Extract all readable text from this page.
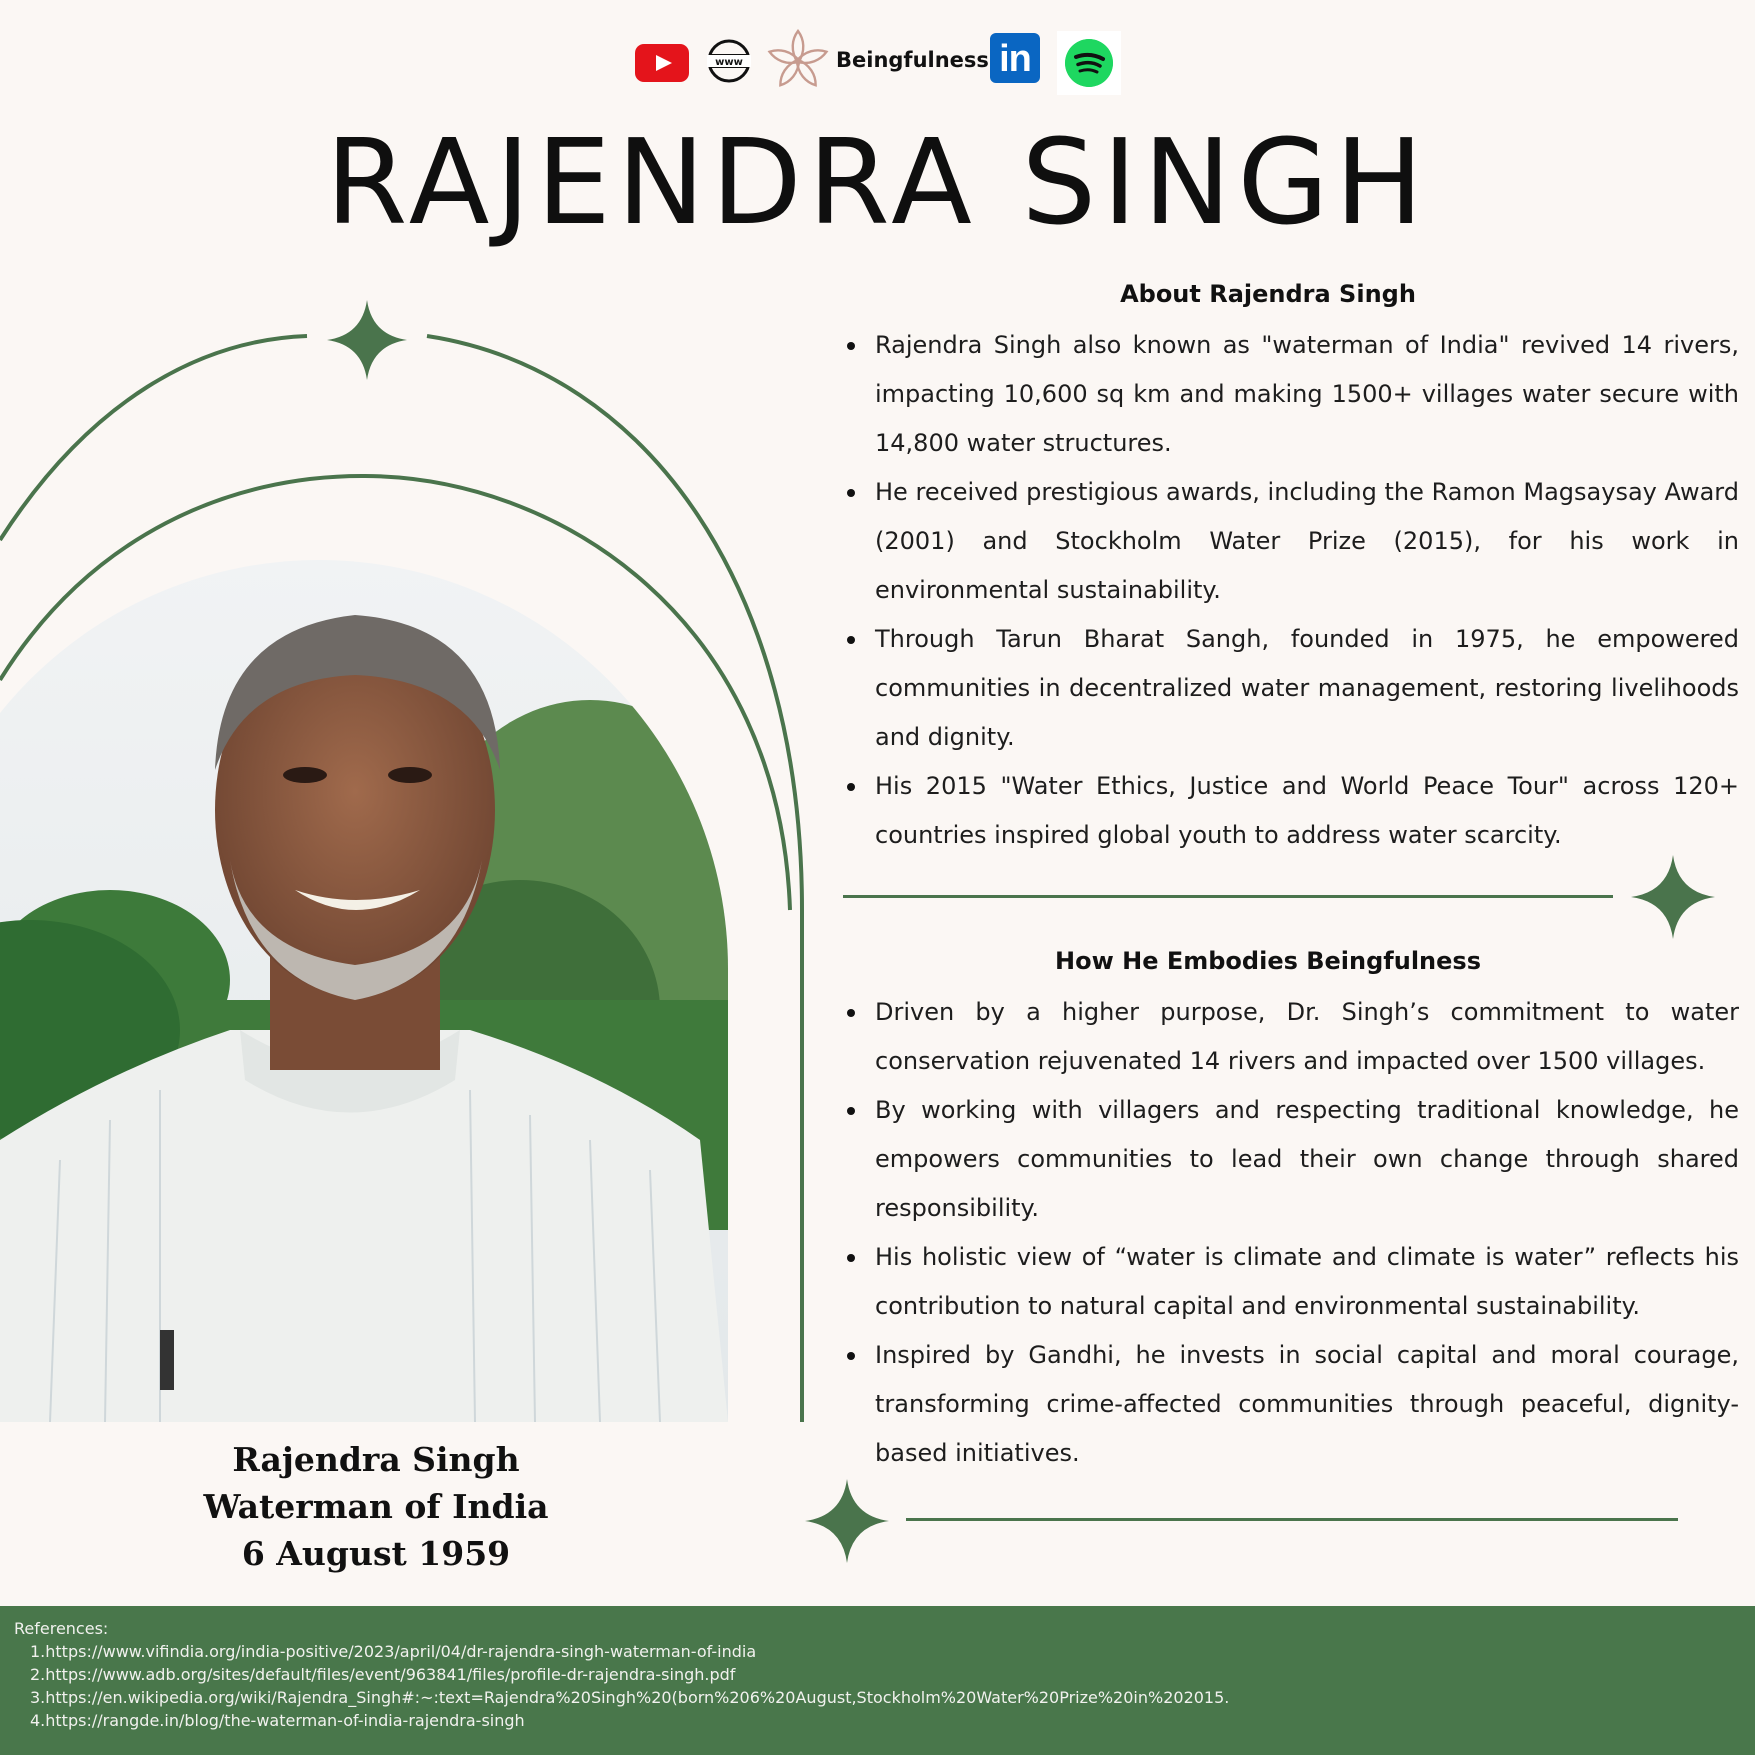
www	Beingfulness in
RAJENDRA SINGH
Rajendra Singh
Waterman of India
6 August 1959
About Rajendra Singh
Rajendra Singh also known as "waterman of India" revived 14 rivers, impacting 10,600 sq km and making 1500+ villages water secure with 14,800 water structures.
He received prestigious awards, including the Ramon Magsaysay Award (2001) and Stockholm Water Prize (2015), for his work in environmental sustainability.
Through Tarun Bharat Sangh, founded in 1975, he empowered communities in decentralized water management, restoring livelihoods and dignity.
His 2015 "Water Ethics, Justice and World Peace Tour" across 120+ countries inspired global youth to address water scarcity.
How He Embodies Beingfulness
Driven by a higher purpose, Dr. Singh’s commitment to water conservation rejuvenated 14 rivers and impacted over 1500 villages.
By working with villagers and respecting traditional knowledge, he empowers communities to lead their own change through shared responsibility.
His holistic view of “water is climate and climate is water” reflects his contribution to natural capital and environmental sustainability.
Inspired by Gandhi, he invests in social capital and moral courage, transforming crime-affected communities through peaceful, dignity-based initiatives.
References:
1.https://www.vifindia.org/india-positive/2023/april/04/dr-rajendra-singh-waterman-of-india
2.https://www.adb.org/sites/default/files/event/963841/files/profile-dr-rajendra-singh.pdf
3.https://en.wikipedia.org/wiki/Rajendra_Singh#:~:text=Rajendra%20Singh%20(born%206%20August,Stockholm%20Water%20Prize%20in%202015.
4.https://rangde.in/blog/the-waterman-of-india-rajendra-singh
